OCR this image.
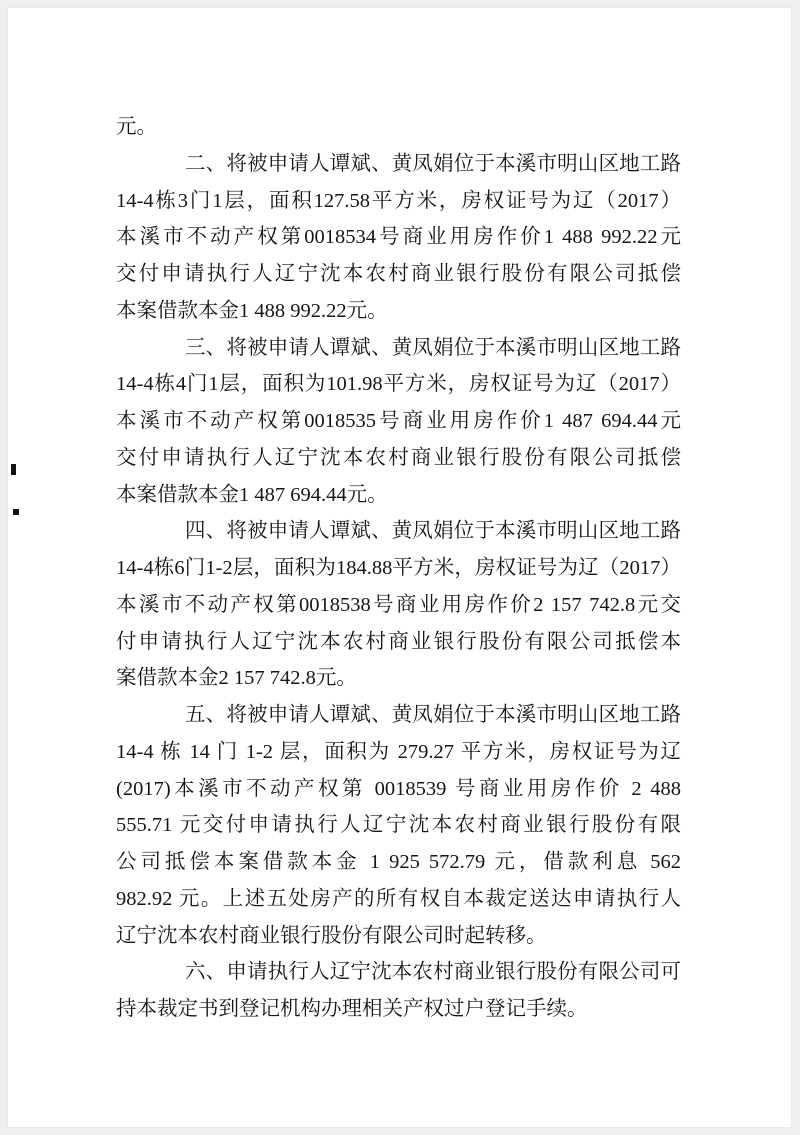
元。
二、将被申请人谭斌、黄凤娟位于本溪市明山区地工路
14-4栋3门1层，面积127.58平方米，房权证号为辽（2017）
本溪市不动产权第0018534号商业用房作价1 488 992.22元
交付申请执行人辽宁沈本农村商业银行股份有限公司抵偿
本案借款本金1 488 992.22元。
三、将被申请人谭斌、黄凤娟位于本溪市明山区地工路
14-4栋4门1层，面积为101.98平方米，房权证号为辽（2017）
本溪市不动产权第0018535号商业用房作价1 487 694.44元
交付申请执行人辽宁沈本农村商业银行股份有限公司抵偿
本案借款本金1 487 694.44元。
四、将被申请人谭斌、黄凤娟位于本溪市明山区地工路
14-4栋6门1-2层，面积为184.88平方米，房权证号为辽（2017）
本溪市不动产权第0018538号商业用房作价2 157 742.8元交
付申请执行人辽宁沈本农村商业银行股份有限公司抵偿本
案借款本金2 157 742.8元。
五、将被申请人谭斌、黄凤娟位于本溪市明山区地工路
14-4 栋 14 门 1-2 层，面积为 279.27 平方米，房权证号为辽
(2017)本溪市不动产权第 0018539 号商业用房作价 2 488
555.71 元交付申请执行人辽宁沈本农村商业银行股份有限
公司抵偿本案借款本金 1 925 572.79 元，借款利息 562
982.92 元。上述五处房产的所有权自本裁定送达申请执行人
辽宁沈本农村商业银行股份有限公司时起转移。
六、申请执行人辽宁沈本农村商业银行股份有限公司可
持本裁定书到登记机构办理相关产权过户登记手续。
